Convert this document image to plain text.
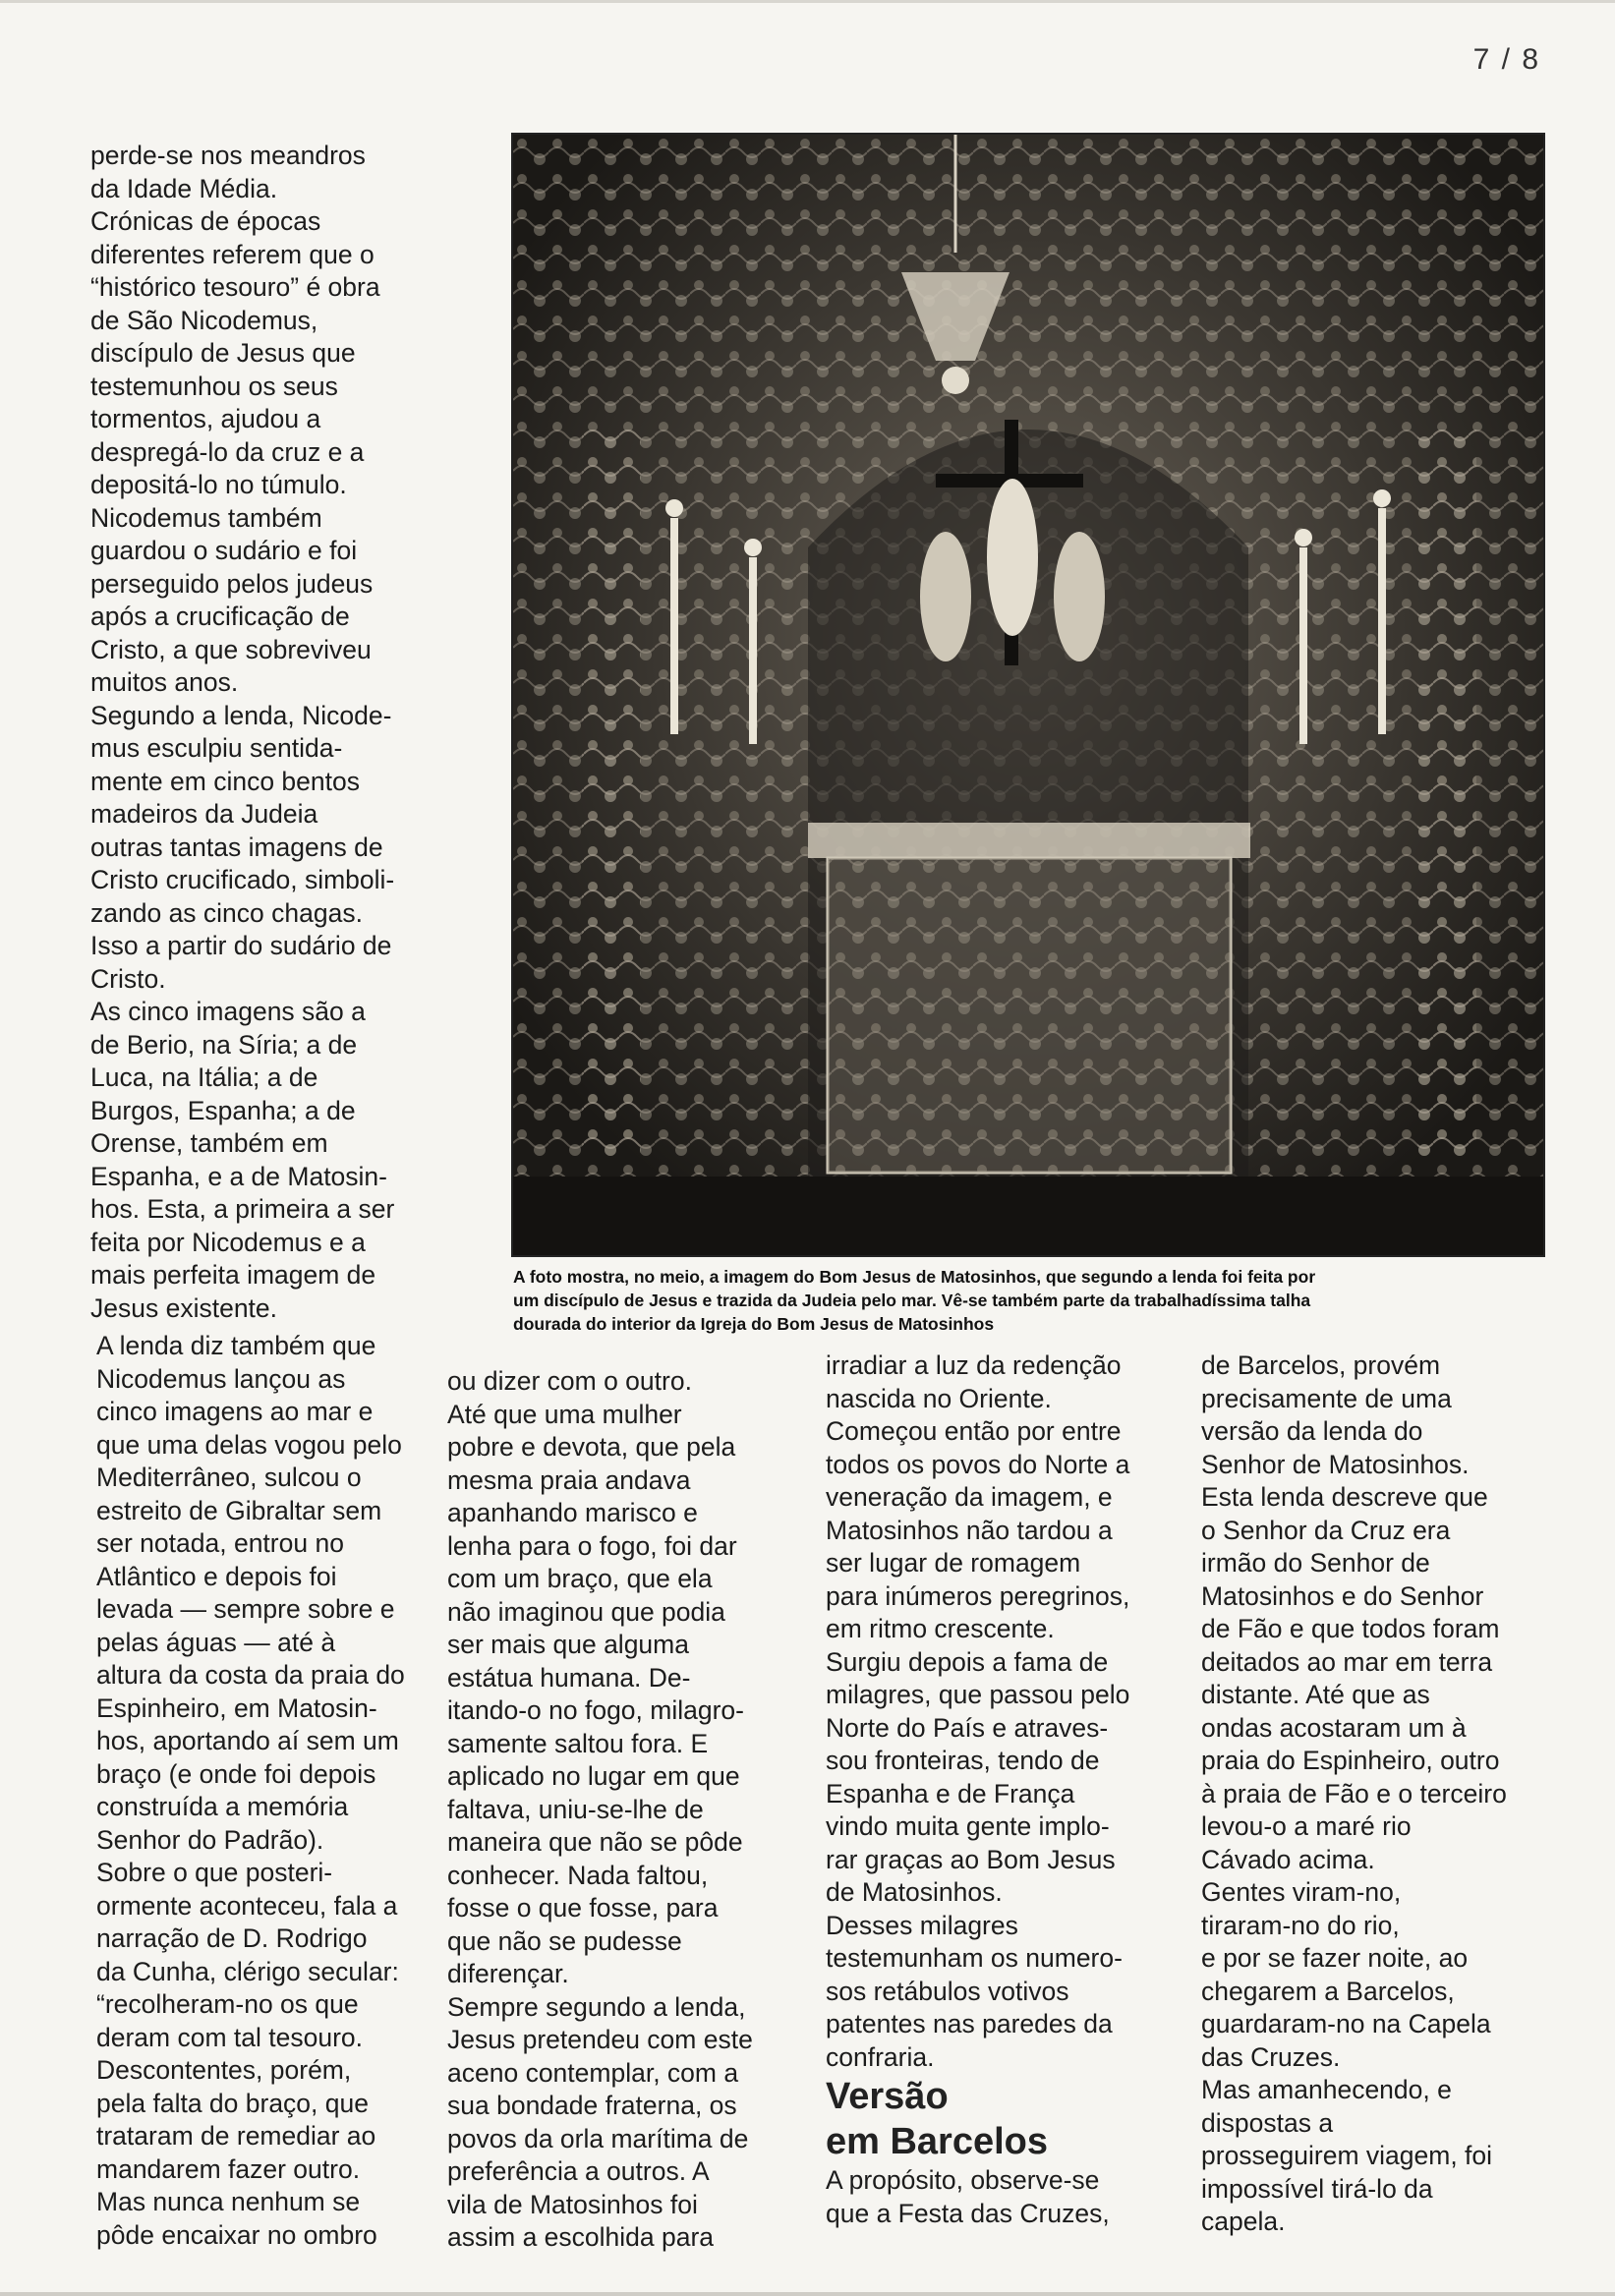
7 / 8
perde-se nos meandros
da Idade Média.
Crónicas de épocas
diferentes referem que o
“histórico tesouro” é obra
de São Nicodemus,
discípulo de Jesus que
testemunhou os seus
tormentos, ajudou a
despregá-lo da cruz e a
depositá-lo no túmulo.
Nicodemus também
guardou o sudário e foi
perseguido pelos judeus
após a crucificação de
Cristo, a que sobreviveu
muitos anos.
Segundo a lenda, Nicode-
mus esculpiu sentida-
mente em cinco bentos
madeiros da Judeia
outras tantas imagens de
Cristo crucificado, simboli-
zando as cinco chagas.
Isso a partir do sudário de
Cristo.
As cinco imagens são a
de Berio, na Síria; a de
Luca, na Itália; a de
Burgos, Espanha; a de
Orense, também em
Espanha, e a de Matosin-
hos. Esta, a primeira a ser
feita por Nicodemus e a
mais perfeita imagem de
Jesus existente.
A foto mostra, no meio, a imagem do Bom Jesus de Matosinhos, que segundo a lenda foi feita por
um discípulo de Jesus e trazida da Judeia pelo mar. Vê-se também parte da trabalhadíssima talha
dourada do interior da Igreja do Bom Jesus de Matosinhos
A lenda diz também que
Nicodemus lançou as
cinco imagens ao mar e
que uma delas vogou pelo
Mediterrâneo, sulcou o
estreito de Gibraltar sem
ser notada, entrou no
Atlântico e depois foi
levada — sempre sobre e
pelas águas — até à
altura da costa da praia do
Espinheiro, em Matosin-
hos, aportando aí sem um
braço (e onde foi depois
construída a memória
Senhor do Padrão).
Sobre o que posteri-
ormente aconteceu, fala a
narração de D. Rodrigo
da Cunha, clérigo secular:
“recolheram-no os que
deram com tal tesouro.
Descontentes, porém,
pela falta do braço, que
trataram de remediar ao
mandarem fazer outro.
Mas nunca nenhum se
pôde encaixar no ombro
ou dizer com o outro.
Até que uma mulher
pobre e devota, que pela
mesma praia andava
apanhando marisco e
lenha para o fogo, foi dar
com um braço, que ela
não imaginou que podia
ser mais que alguma
estátua humana. De-
itando-o no fogo, milagro-
samente saltou fora. E
aplicado no lugar em que
faltava, uniu-se-lhe de
maneira que não se pôde
conhecer. Nada faltou,
fosse o que fosse, para
que não se pudesse
diferençar.
Sempre segundo a lenda,
Jesus pretendeu com este
aceno contemplar, com a
sua bondade fraterna, os
povos da orla marítima de
preferência a outros. A
vila de Matosinhos foi
assim a escolhida para
irradiar a luz da redenção
nascida no Oriente.
Começou então por entre
todos os povos do Norte a
veneração da imagem, e
Matosinhos não tardou a
ser lugar de romagem
para inúmeros peregrinos,
em ritmo crescente.
Surgiu depois a fama de
milagres, que passou pelo
Norte do País e atraves-
sou fronteiras, tendo de
Espanha e de França
vindo muita gente implo-
rar graças ao Bom Jesus
de Matosinhos.
Desses milagres
testemunham os numero-
sos retábulos votivos
patentes nas paredes da
confraria.
Versão
em Barcelos
A propósito, observe-se
que a Festa das Cruzes,
de Barcelos, provém
precisamente de uma
versão da lenda do
Senhor de Matosinhos.
Esta lenda descreve que
o Senhor da Cruz era
irmão do Senhor de
Matosinhos e do Senhor
de Fão e que todos foram
deitados ao mar em terra
distante. Até que as
ondas acostaram um à
praia do Espinheiro, outro
à praia de Fão e o terceiro
levou-o a maré rio
Cávado acima.
Gentes viram-no,
tiraram-no do rio,
e por se fazer noite, ao
chegarem a Barcelos,
guardaram-no na Capela
das Cruzes.
Mas amanhecendo, e
dispostas a
prosseguirem viagem, foi
impossível tirá-lo da
capela.
